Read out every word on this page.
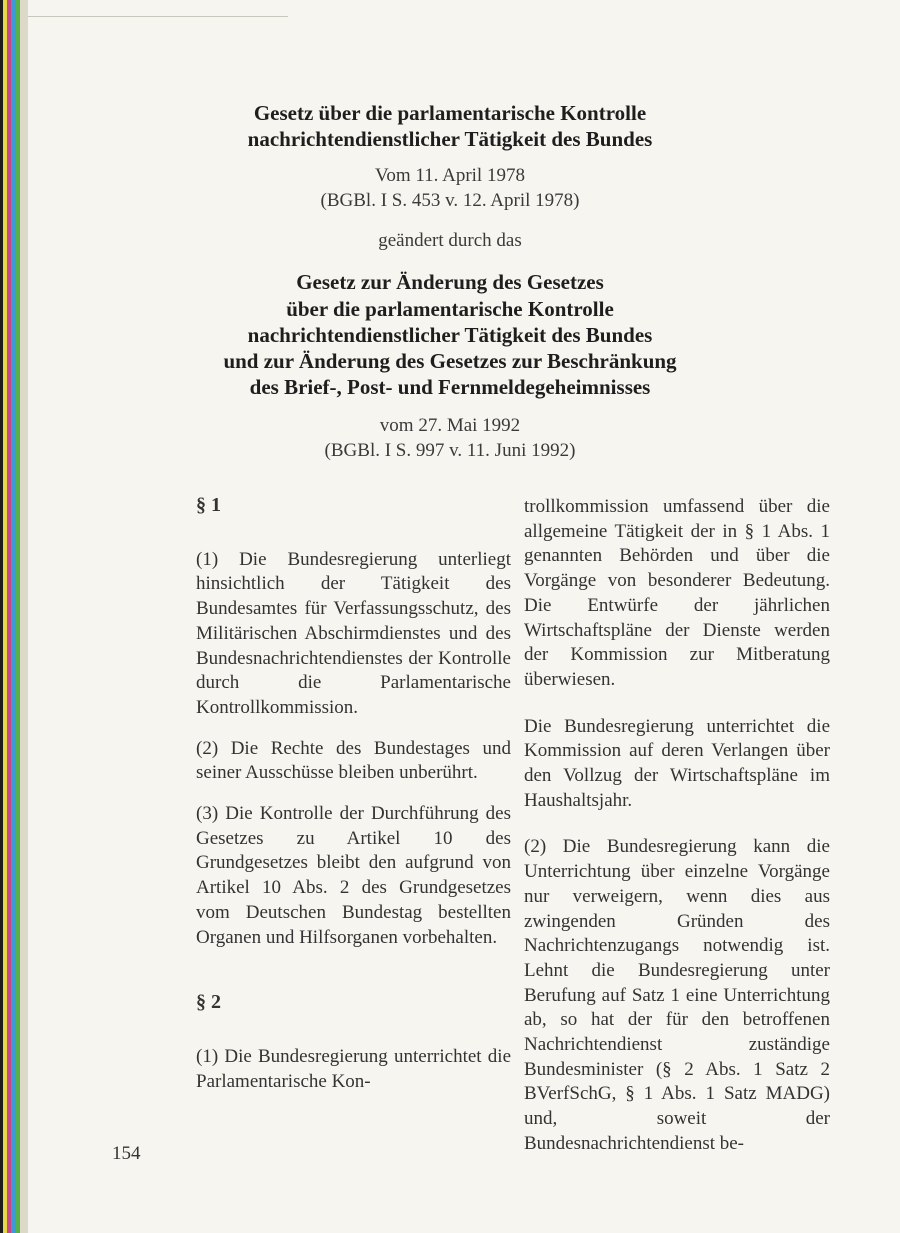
Gesetz über die parlamentarische Kontrolle
nachrichtendienstlicher Tätigkeit des Bundes
Vom 11. April 1978
(BGBl. I S. 453 v. 12. April 1978)
geändert durch das
Gesetz zur Änderung des Gesetzes
über die parlamentarische Kontrolle
nachrichtendienstlicher Tätigkeit des Bundes
und zur Änderung des Gesetzes zur Beschränkung
des Brief-, Post- und Fernmeldegeheimnisses
vom 27. Mai 1992
(BGBl. I S. 997 v. 11. Juni 1992)

§ 1

(1) Die Bundesregierung unterliegt hinsichtlich der Tätigkeit des Bundesamtes für Verfassungsschutz, des Militärischen Abschirmdienstes und des Bundesnachrichtendienstes der Kontrolle durch die Parlamentarische Kontrollkommission.

(2) Die Rechte des Bundestages und seiner Ausschüsse bleiben unberührt.

(3) Die Kontrolle der Durchführung des Gesetzes zu Artikel 10 des Grundgesetzes bleibt den aufgrund von Artikel 10 Abs. 2 des Grundgesetzes vom Deutschen Bundestag bestellten Organen und Hilfsorganen vorbehalten.

§ 2

(1) Die Bundesregierung unterrichtet die Parlamentarische Kon-

trollkommission umfassend über die allgemeine Tätigkeit der in § 1 Abs. 1 genannten Behörden und über die Vorgänge von besonderer Bedeutung. Die Entwürfe der jährlichen Wirtschaftspläne der Dienste werden der Kommission zur Mitberatung überwiesen.

Die Bundesregierung unterrichtet die Kommission auf deren Verlangen über den Vollzug der Wirtschaftspläne im Haushaltsjahr.

(2) Die Bundesregierung kann die Unterrichtung über einzelne Vorgänge nur verweigern, wenn dies aus zwingenden Gründen des Nachrichtenzugangs notwendig ist. Lehnt die Bundesregierung unter Berufung auf Satz 1 eine Unterrichtung ab, so hat der für den betroffenen Nachrichtendienst zuständige Bundesminister (§ 2 Abs. 1 Satz 2 BVerfSchG, § 1 Abs. 1 Satz MADG) und, soweit der Bundesnachrichtendienst be-

154
